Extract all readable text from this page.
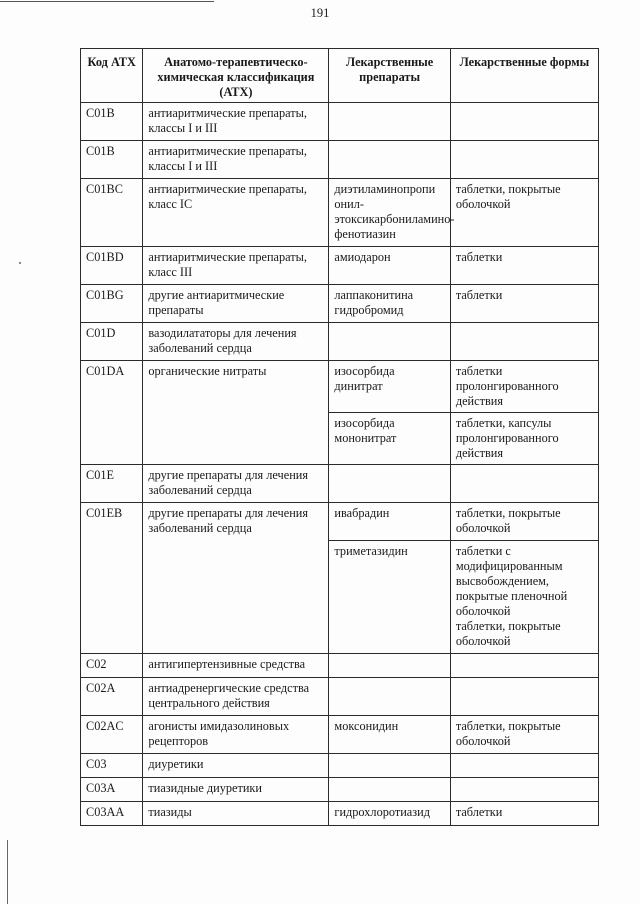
191
Код АТХ	Анатомо-терапевтическо-химическая классификация (АТХ)	Лекарственные препараты	Лекарственные формы
C01B	антиаритмические препараты, классы I и III		
C01B	антиаритмические препараты, классы I и III		
C01BC	антиаритмические препараты, класс IC	диэтиламинопропи онил-этоксикарбониламино-фенотиазин	таблетки, покрытые оболочкой
C01BD	антиаритмические препараты, класс III	амиодарон	таблетки
C01BG	другие антиаритмические препараты	лаппаконитина гидробромид	таблетки
C01D	вазодилататоры для лечения заболеваний сердца		
C01DA	органические нитраты	изосорбида динитрат	таблетки пролонгированного действия
		изосорбида мононитрат	таблетки, капсулы пролонгированного действия
C01E	другие препараты для лечения заболеваний сердца		
C01EB	другие препараты для лечения заболеваний сердца	ивабрадин	таблетки, покрытые оболочкой
		триметазидин	таблетки с модифицированным высвобождением, покрытые пленочной оболочкой
таблетки, покрытые оболочкой
C02	антигипертензивные средства		
C02A	антиадренергические средства центрального действия		
C02AC	агонисты имидазолиновых рецепторов	моксонидин	таблетки, покрытые оболочкой
C03	диуретики		
C03A	тиазидные диуретики		
C03AA	тиазиды	гидрохлоротиазид	таблетки
